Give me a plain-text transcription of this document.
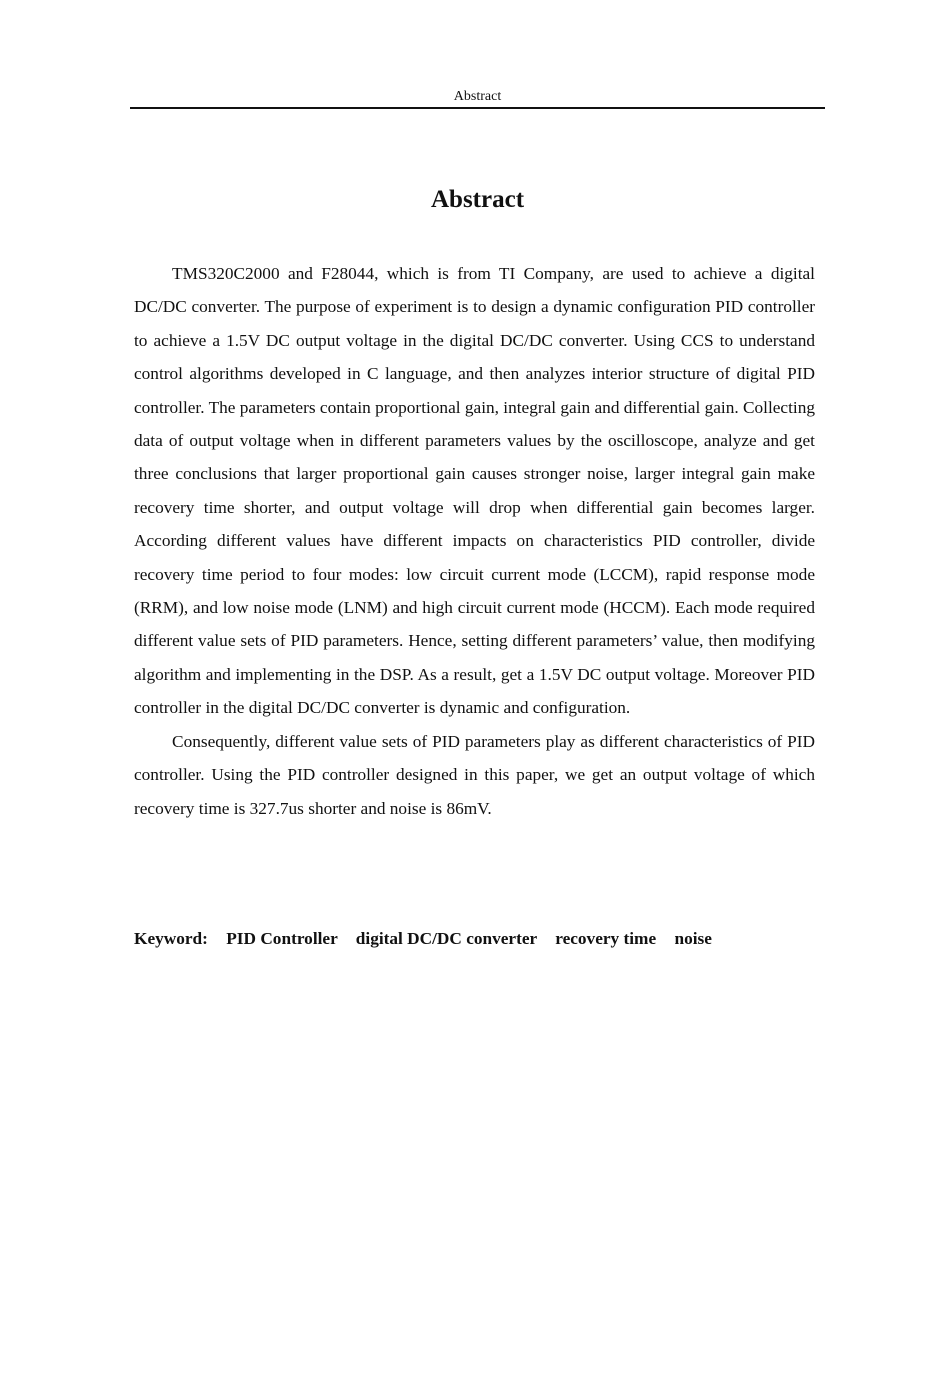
Abstract
Abstract

TMS320C2000 and F28044, which is from TI Company, are used to achieve a digital DC/DC converter. The purpose of experiment is to design a dynamic configuration PID controller to achieve a 1.5V DC output voltage in the digital DC/DC converter. Using CCS to understand control algorithms developed in C language, and then analyzes interior structure of digital PID controller. The parameters contain proportional gain, integral gain and differential gain. Collecting data of output voltage when in different parameters values by the oscilloscope, analyze and get three conclusions that larger proportional gain causes stronger noise, larger integral gain make recovery time shorter, and output voltage will drop when differential gain becomes larger. According different values have different impacts on characteristics PID controller, divide recovery time period to four modes: low circuit current mode (LCCM), rapid response mode (RRM), and low noise mode (LNM) and high circuit current mode (HCCM). Each mode required different value sets of PID parameters. Hence, setting different parameters’ value, then modifying algorithm and implementing in the DSP. As a result, get a 1.5V DC output voltage. Moreover PID controller in the digital DC/DC converter is dynamic and configuration.

Consequently, different value sets of PID parameters play as different characteristics of PID controller. Using the PID controller designed in this paper, we get an output voltage of which recovery time is 327.7us shorter and noise is 86mV.

Keyword: PID Controller digital DC/DC converter recovery time noise
